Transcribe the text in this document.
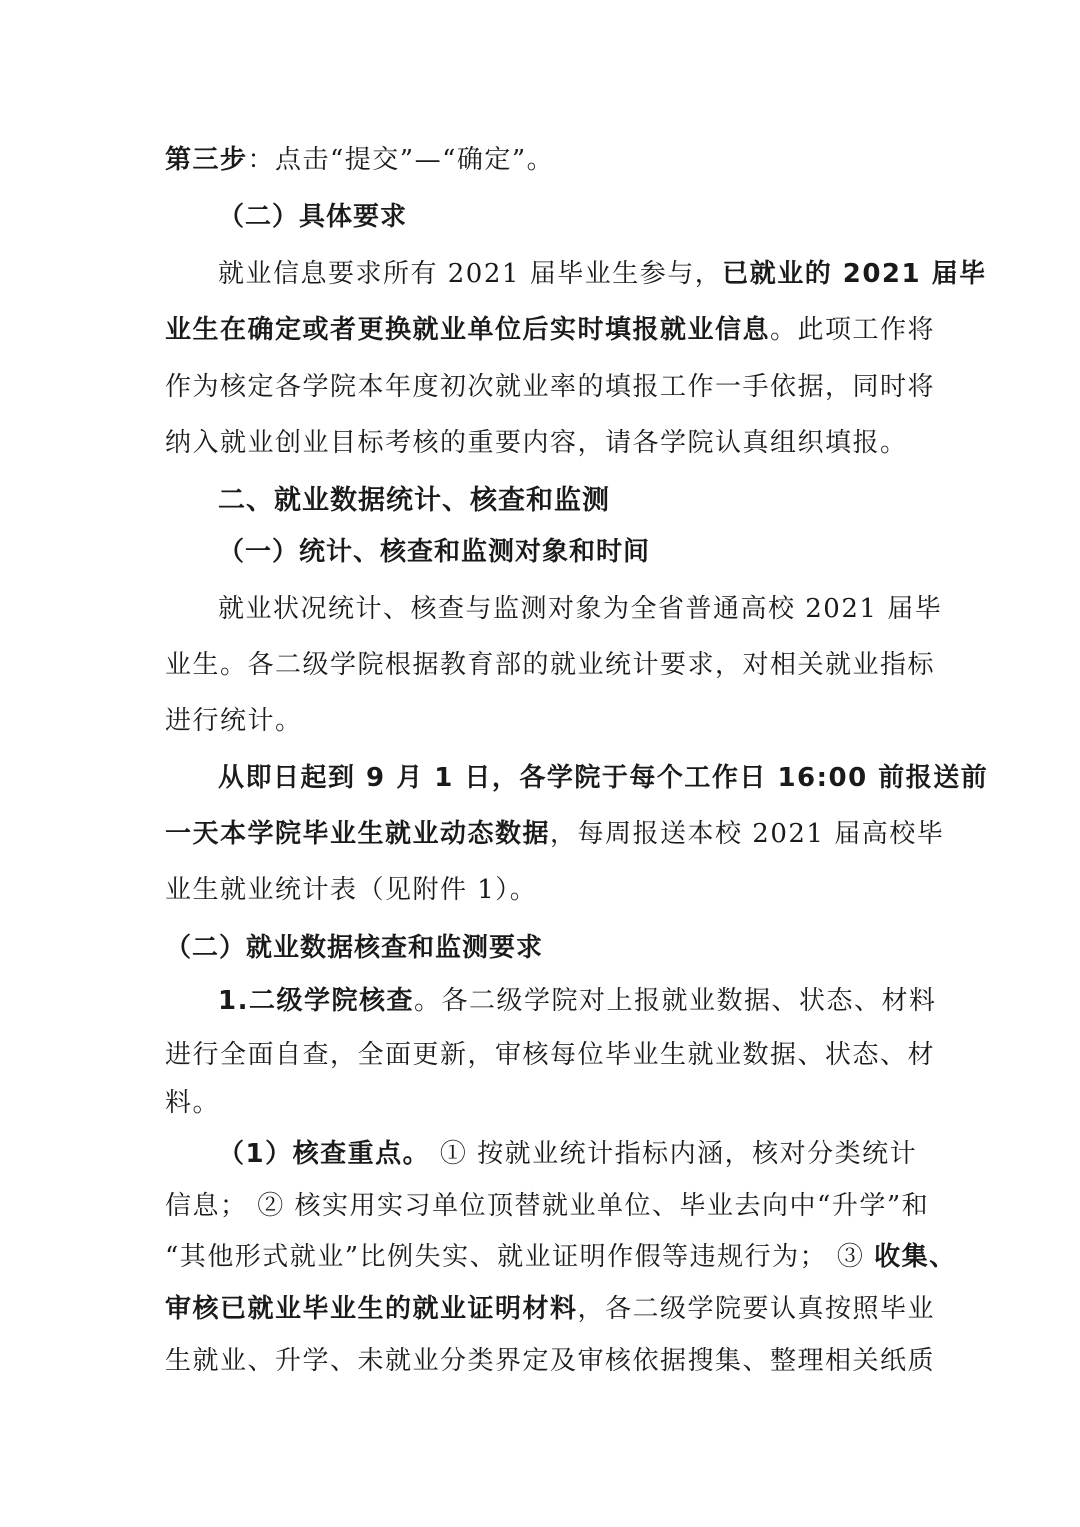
第三步：点击“提交”—“确定”。
（二）具体要求
就业信息要求所有 2021 届毕业生参与，已就业的 2021 届毕
业生在确定或者更换就业单位后实时填报就业信息。此项工作将
作为核定各学院本年度初次就业率的填报工作一手依据，同时将
纳入就业创业目标考核的重要内容，请各学院认真组织填报。
二、就业数据统计、核查和监测
（一）统计、核查和监测对象和时间
就业状况统计、核查与监测对象为全省普通高校 2021 届毕
业生。各二级学院根据教育部的就业统计要求，对相关就业指标
进行统计。
从即日起到 9 月 1 日，各学院于每个工作日 16:00 前报送前
一天本学院毕业生就业动态数据，每周报送本校 2021 届高校毕
业生就业统计表（见附件 1）。
（二）就业数据核查和监测要求
1.二级学院核查。各二级学院对上报就业数据、状态、材料
进行全面自查，全面更新，审核每位毕业生就业数据、状态、材
料。
（1）核查重点。 ① 按就业统计指标内涵，核对分类统计
信息； ② 核实用实习单位顶替就业单位、毕业去向中“升学”和
“其他形式就业”比例失实、就业证明作假等违规行为； ③ 收集、
审核已就业毕业生的就业证明材料，各二级学院要认真按照毕业
生就业、升学、未就业分类界定及审核依据搜集、整理相关纸质
